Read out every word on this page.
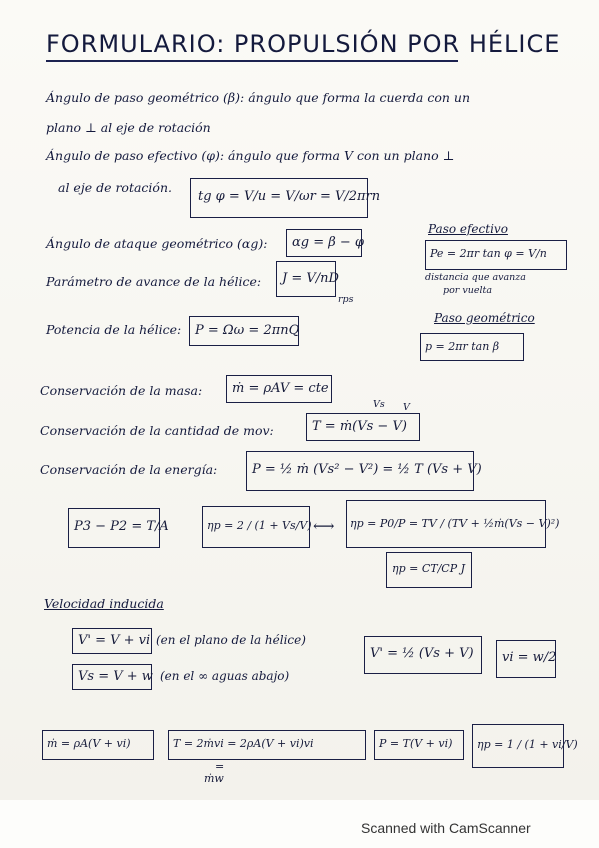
FORMULARIO: PROPULSIÓN POR HÉLICE
Ángulo de paso geométrico (β): ángulo que forma la cuerda con un
plano ⊥ al eje de rotación
Ángulo de paso efectivo (φ): ángulo que forma V con un plano ⊥
al eje de rotación.
tg φ = V/u = V/ωr = V/2πrn
Paso efectivo
Pe = 2πr tan φ = V/n
distancia que avanza
por vuelta
Paso geométrico
p = 2πr tan β
Ángulo de ataque geométrico (αg): αg = β − φ
Parámetro de avance de la hélice: J = V/nD
rps
Potencia de la hélice: P = Ωω = 2πnQ
Conservación de la masa: ṁ = ρAV = cte
Conservación de la cantidad de mov:	T = ṁ(Vs − V)
Vs V
Conservación de la energía:	P = ½ ṁ (Vs² − V²) = ½ T (Vs + V)
P3 − P2 = T/A	ηp = 2 / (1 + Vs/V) ⟷ ηp = P0/P = TV / (TV + ½ṁ(Vs − V)²)
ηp = CT/CP J
Velocidad inducida
V' = V + vi (en el plano de la hélice)
Vs = V + w (en el ∞ aguas abajo)
V' = ½ (Vs + V) vi = w/2
ṁ = ρA(V + vi)	T = 2ṁvi = 2ρA(V + vi)vi
=
ṁw
P = T(V + vi) ηp = 1 / (1 + vi/V)
Scanned with CamScanner
